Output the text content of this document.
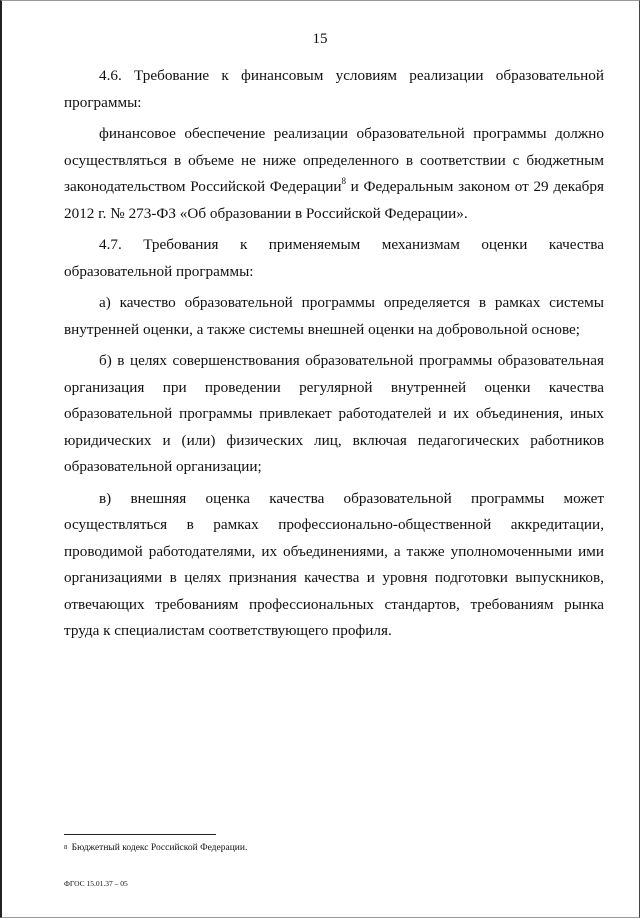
15

4.6. Требование к финансовым условиям реализации образовательной программы:

финансовое обеспечение реализации образовательной программы должно осуществляться в объеме не ниже определенного в соответствии с бюджетным законодательством Российской Федерации$^8$ и Федеральным законом от 29 декабря 2012 г. № 273-ФЗ «Об образовании в Российской Федерации».

4.7. Требования к применяемым механизмам оценки качества образовательной программы:

а) качество образовательной программы определяется в рамках системы внутренней оценки, а также системы внешней оценки на добровольной основе;

б) в целях совершенствования образовательной программы образовательная организация при проведении регулярной внутренней оценки качества образовательной программы привлекает работодателей и их объединения, иных юридических и (или) физических лиц, включая педагогических работников образовательной организации;

в) внешняя оценка качества образовательной программы может осуществляться в рамках профессионально-общественной аккредитации, проводимой работодателями, их объединениями, а также уполномоченными ими организациями в целях признания качества и уровня подготовки выпускников, отвечающих требованиям профессиональных стандартов, требованиям рынка труда к специалистам соответствующего профиля.

$^8$ Бюджетный кодекс Российской Федерации.
ФГОС 15.01.37 – 05
